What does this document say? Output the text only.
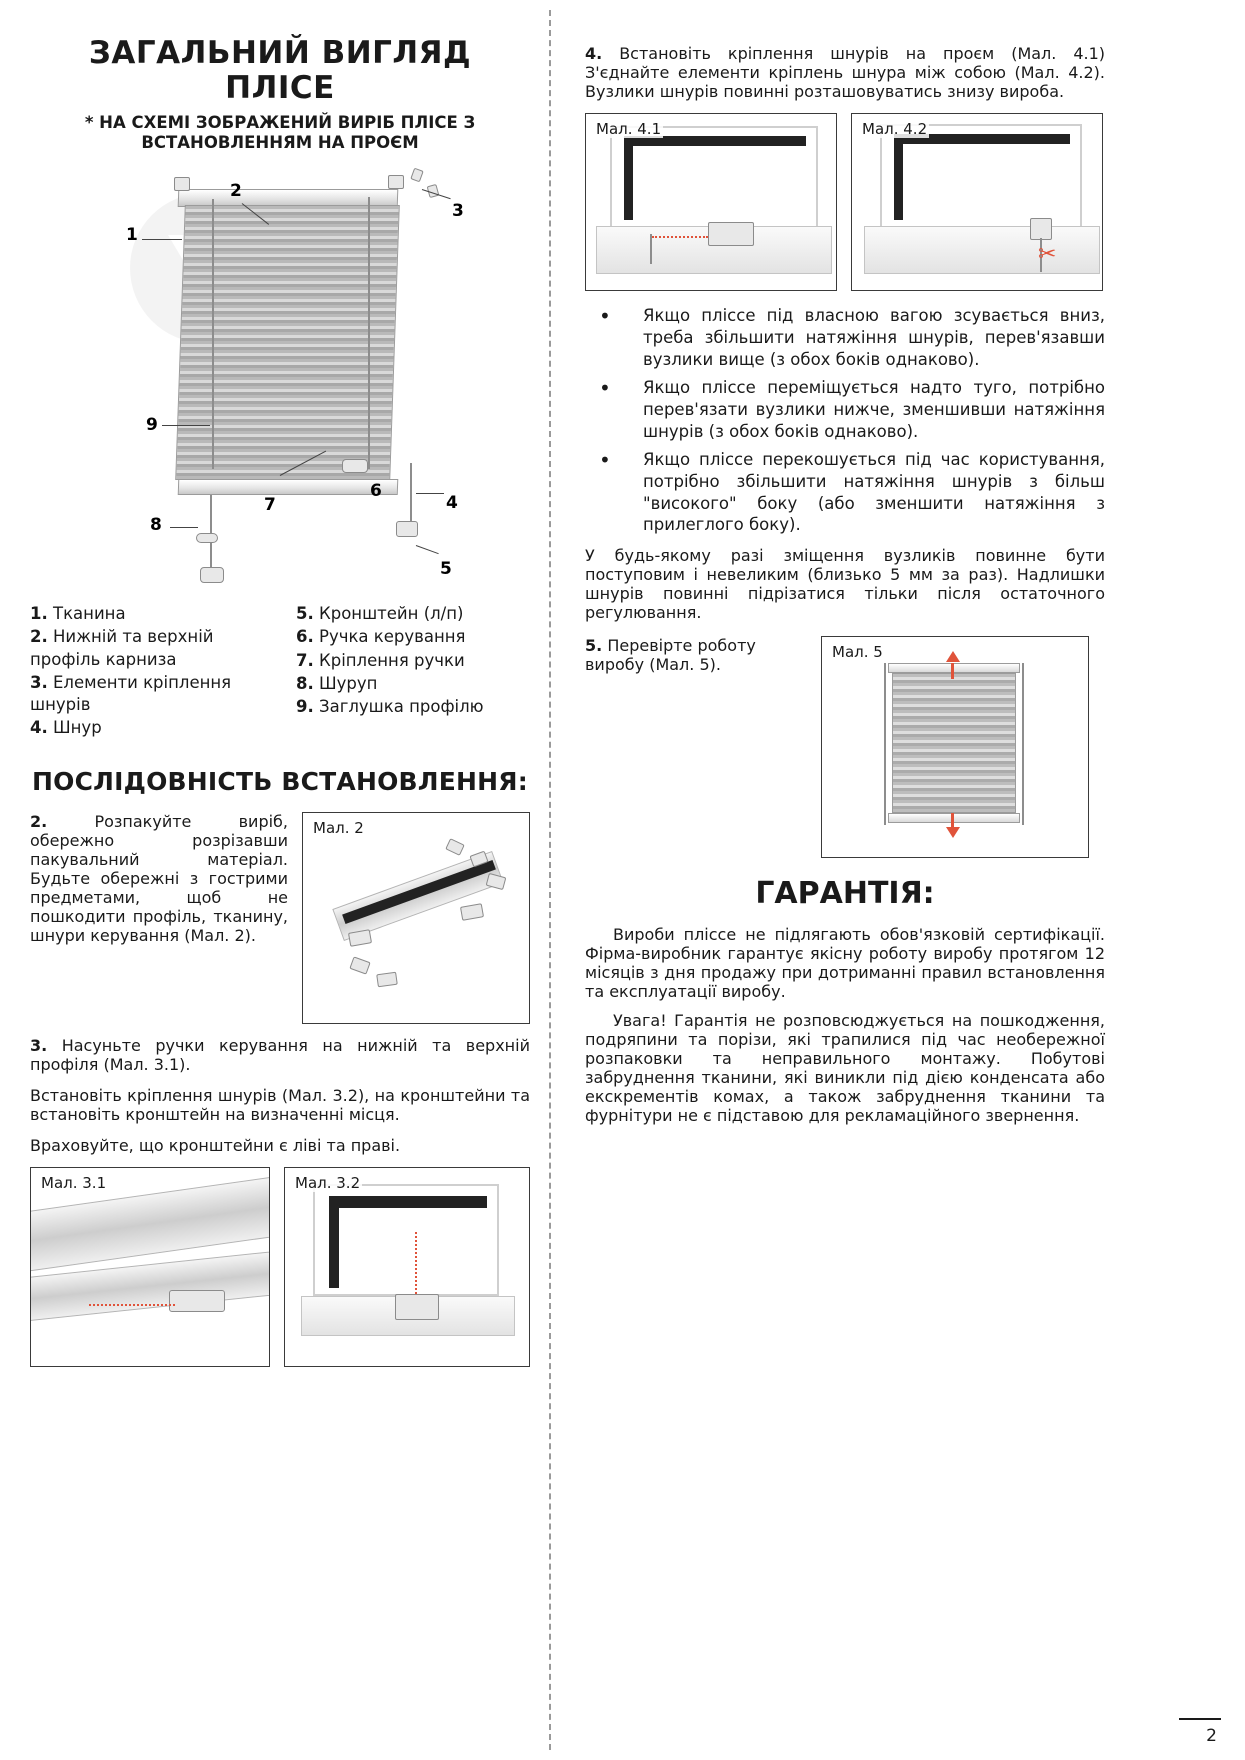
ЗАГАЛЬНИЙ ВИГЛЯД ПЛІСЕ
* НА СХЕМІ ЗОБРАЖЕНИЙ ВИРІБ ПЛІСЕ З ВСТАНОВЛЕННЯМ НА ПРОЄМ
1
2
3
4
5
6
7
8
9
1. Тканина
2. Нижній та верхній профіль карниза
3. Елементи кріплення шнурів
4. Шнур
5. Кронштейн (л/п)
6. Ручка керування
7. Кріплення ручки
8. Шуруп
9. Заглушка профілю
ПОСЛІДОВНІСТЬ ВСТАНОВЛЕННЯ:
2.	Розпакуйте виріб, обережно розрізавши пакувальний матеріал. Будьте обережні з гострими предметами, щоб не пошкодити профіль, тканину, шнури керування (Мал. 2).
Мал. 2
3. Насуньте ручки керування на нижній та верхній профіля (Мал. 3.1).
Встановіть кріплення шнурів (Мал. 3.2), на кронштейни та встановіть кронштейн на визначенні місця.
Враховуйте, що кронштейни є ліві та праві.
Мал. 3.1	Мал. 3.2
4. Встановіть кріплення шнурів на проєм (Мал. 4.1) З'єднайте елементи кріплень шнура між собою (Мал. 4.2). Вузлики шнурів повинні розташовуватись знизу виробa.
Мал. 4.1	Мал. 4.2
✂
• Якщо пліссе під власною вагою зсувається вниз, треба збільшити натяжіння шнурів, перев'язавши вузлики вище (з обох боків однаково).
• Якщо пліссе переміщується надто туго, потрібно перев'язати вузлики нижче, зменшивши натяжіння шнурів (з обох боків однаково).
• Якщо пліссе перекошується під час користування, потрібно збільшити натяжіння шнурів з більш "високого" боку (або зменшити натяжіння з прилеглого боку).
У будь-якому разі зміщення вузликів повинне бути поступовим і невеликим (близько 5 мм за раз). Надлишки шнурів повинні підрізатися тільки після остаточного регулювання.
5. Перевірте роботу виробу (Мал. 5).
Мал. 5
ГАРАНТІЯ:
Вироби пліссе не підлягають обов'язковій сертифікації. Фірма-виробник гарантує якісну роботу виробу протягом 12 місяців з дня продажу при дотриманні правил встановлення та експлуатації виробу.
Увага! Гарантія не розповсюджується на пошкодження, подряпини та порізи, які трапилися під час необережної розпаковки та неправильного монтажу. Побутові забруднення тканини, які виникли під дією конденсата або екскрементів комах, а також забруднення тканини та фурнітури не є підставою для рекламаційного звернення.
2
